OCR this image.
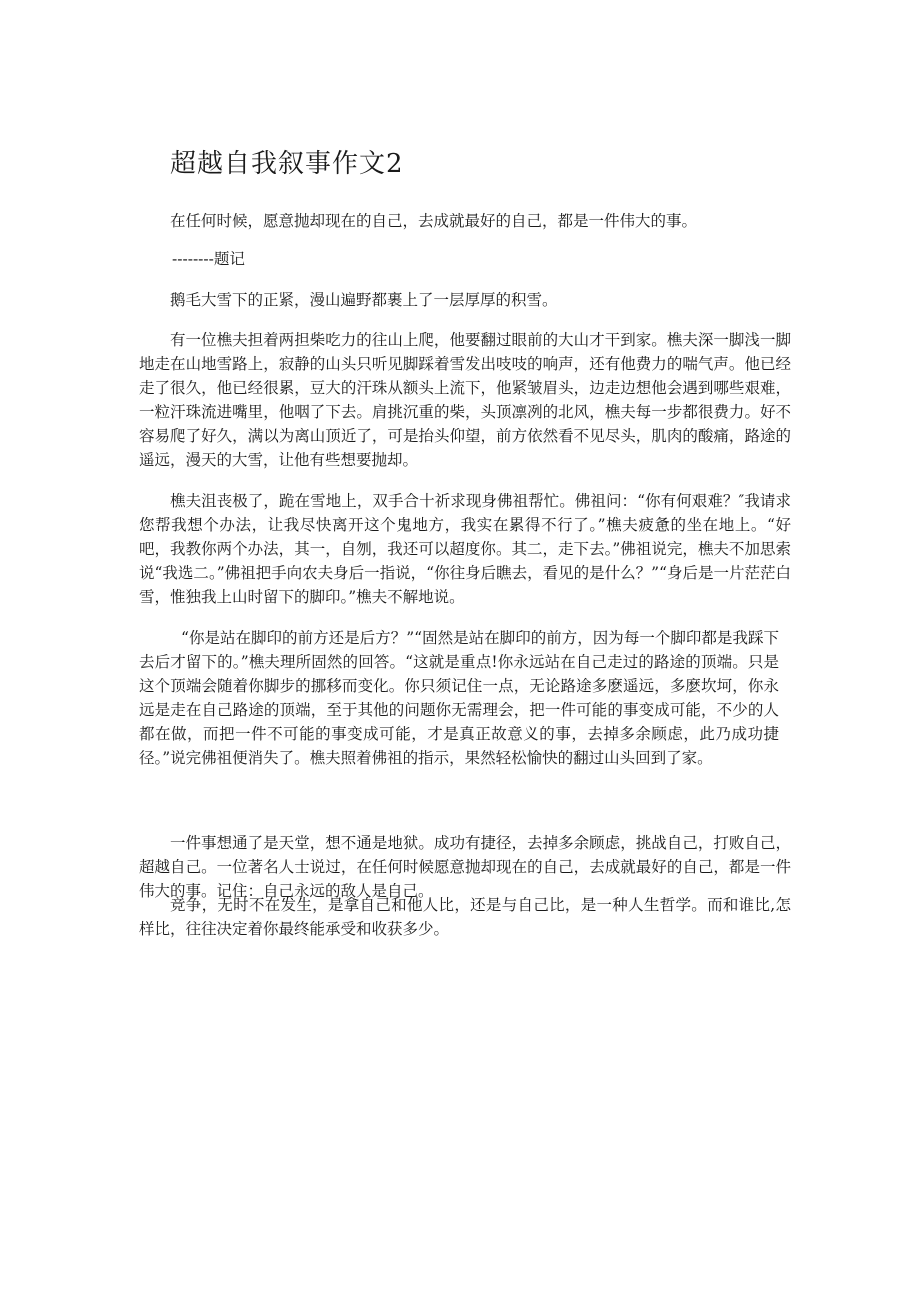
超越自我叙事作文2

在任何时候，愿意抛却现在的自己，去成就最好的自己，都是一件伟大的事。

--------题记

鹅毛大雪下的正紧，漫山遍野都裹上了一层厚厚的积雪。

有一位樵夫担着两担柴吃力的往山上爬，他要翻过眼前的大山才干到家。樵夫深一脚浅一脚地走在山地雪路上，寂静的山头只听见脚踩着雪发出吱吱的响声，还有他费力的喘气声。他已经走了很久，他已经很累，豆大的汗珠从额头上流下，他紧皱眉头，边走边想他会遇到哪些艰难，一粒汗珠流进嘴里，他咽了下去。肩挑沉重的柴，头顶凛冽的北风，樵夫每一步都很费力。好不容易爬了好久，满以为离山顶近了，可是抬头仰望，前方依然看不见尽头，肌肉的酸痛，路途的遥远，漫天的大雪，让他有些想要抛却。

樵夫沮丧极了，跪在雪地上，双手合十祈求现身佛祖帮忙。佛祖问：“你有何艰难？″我请求您帮我想个办法，让我尽快离开这个鬼地方，我实在累得不行了。”樵夫疲惫的坐在地上。“好吧，我教你两个办法，其一，自刎，我还可以超度你。其二，走下去。”佛祖说完，樵夫不加思索说“我选二。”佛祖把手向农夫身后一指说，“你往身后瞧去，看见的是什么？”“身后是一片茫茫白雪，惟独我上山时留下的脚印。”樵夫不解地说。

“你是站在脚印的前方还是后方？”“固然是站在脚印的前方，因为每一个脚印都是我踩下去后才留下的。”樵夫理所固然的回答。“这就是重点!你永远站在自己走过的路途的顶端。只是这个顶端会随着你脚步的挪移而变化。你只须记住一点，无论路途多麽遥远，多麽坎坷，你永远是走在自己路途的顶端，至于其他的问题你无需理会，把一件可能的事变成可能，不少的人都在做，而把一件不可能的事变成可能，才是真正故意义的事，去掉多余顾虑，此乃成功捷径。”说完佛祖便消失了。樵夫照着佛祖的指示，果然轻松愉快的翻过山头回到了家。

一件事想通了是天堂，想不通是地狱。成功有捷径，去掉多余顾虑，挑战自己，打败自己，超越自己。一位著名人士说过，在任何时候愿意抛却现在的自己，去成就最好的自己，都是一件伟大的事。记住：自己永远的敌人是自己。

竞争，无时不在发生，是拿自己和他人比，还是与自己比，是一种人生哲学。而和谁比,怎样比，往往决定着你最终能承受和收获多少。
